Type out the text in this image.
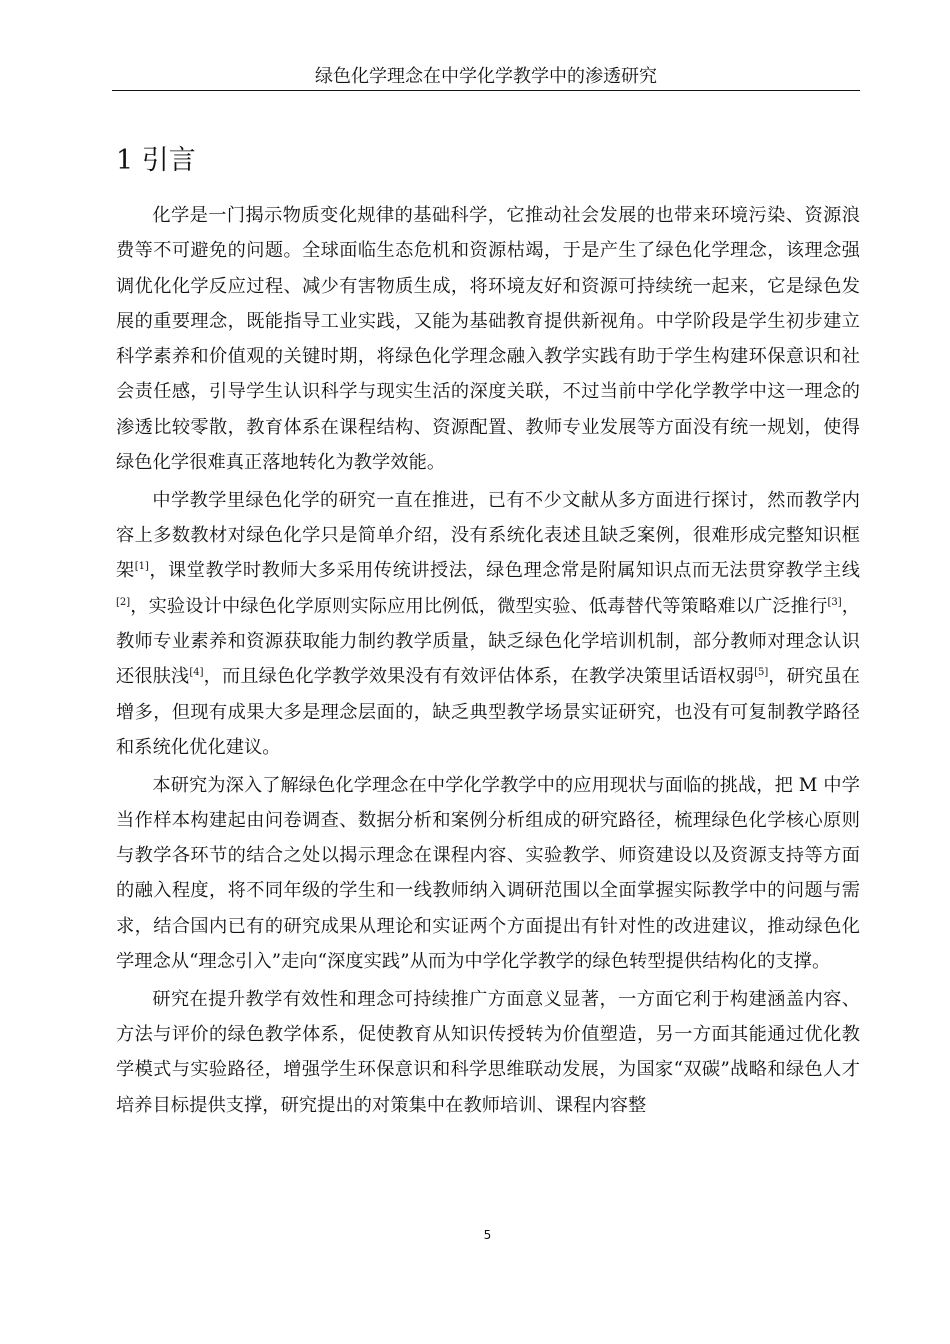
绿色化学理念在中学化学教学中的渗透研究
1 引言

化学是一门揭示物质变化规律的基础科学，它推动社会发展的也带来环境污染、资源浪费等不可避免的问题。全球面临生态危机和资源枯竭，于是产生了绿色化学理念，该理念强调优化化学反应过程、减少有害物质生成，将环境友好和资源可持续统一起来，它是绿色发展的重要理念，既能指导工业实践，又能为基础教育提供新视角。中学阶段是学生初步建立科学素养和价值观的关键时期，将绿色化学理念融入教学实践有助于学生构建环保意识和社会责任感，引导学生认识科学与现实生活的深度关联，不过当前中学化学教学中这一理念的渗透比较零散，教育体系在课程结构、资源配置、教师专业发展等方面没有统一规划，使得绿色化学很难真正落地转化为教学效能。

中学教学里绿色化学的研究一直在推进，已有不少文献从多方面进行探讨，然而教学内容上多数教材对绿色化学只是简单介绍，没有系统化表述且缺乏案例，很难形成完整知识框架[1]，课堂教学时教师大多采用传统讲授法，绿色理念常是附属知识点而无法贯穿教学主线[2]，实验设计中绿色化学原则实际应用比例低，微型实验、低毒替代等策略难以广泛推行[3]，教师专业素养和资源获取能力制约教学质量，缺乏绿色化学培训机制，部分教师对理念认识还很肤浅[4]，而且绿色化学教学效果没有有效评估体系，在教学决策里话语权弱[5]，研究虽在增多，但现有成果大多是理念层面的，缺乏典型教学场景实证研究，也没有可复制教学路径和系统化优化建议。

本研究为深入了解绿色化学理念在中学化学教学中的应用现状与面临的挑战，把 M 中学当作样本构建起由问卷调查、数据分析和案例分析组成的研究路径，梳理绿色化学核心原则与教学各环节的结合之处以揭示理念在课程内容、实验教学、师资建设以及资源支持等方面的融入程度，将不同年级的学生和一线教师纳入调研范围以全面掌握实际教学中的问题与需求，结合国内已有的研究成果从理论和实证两个方面提出有针对性的改进建议，推动绿色化学理念从“理念引入”走向“深度实践”从而为中学化学教学的绿色转型提供结构化的支撑。

研究在提升教学有效性和理念可持续推广方面意义显著，一方面它利于构建涵盖内容、方法与评价的绿色教学体系，促使教育从知识传授转为价值塑造，另一方面其能通过优化教学模式与实验路径，增强学生环保意识和科学思维联动发展，为国家“双碳”战略和绿色人才培养目标提供支撑，研究提出的对策集中在教师培训、课程内容整

5
